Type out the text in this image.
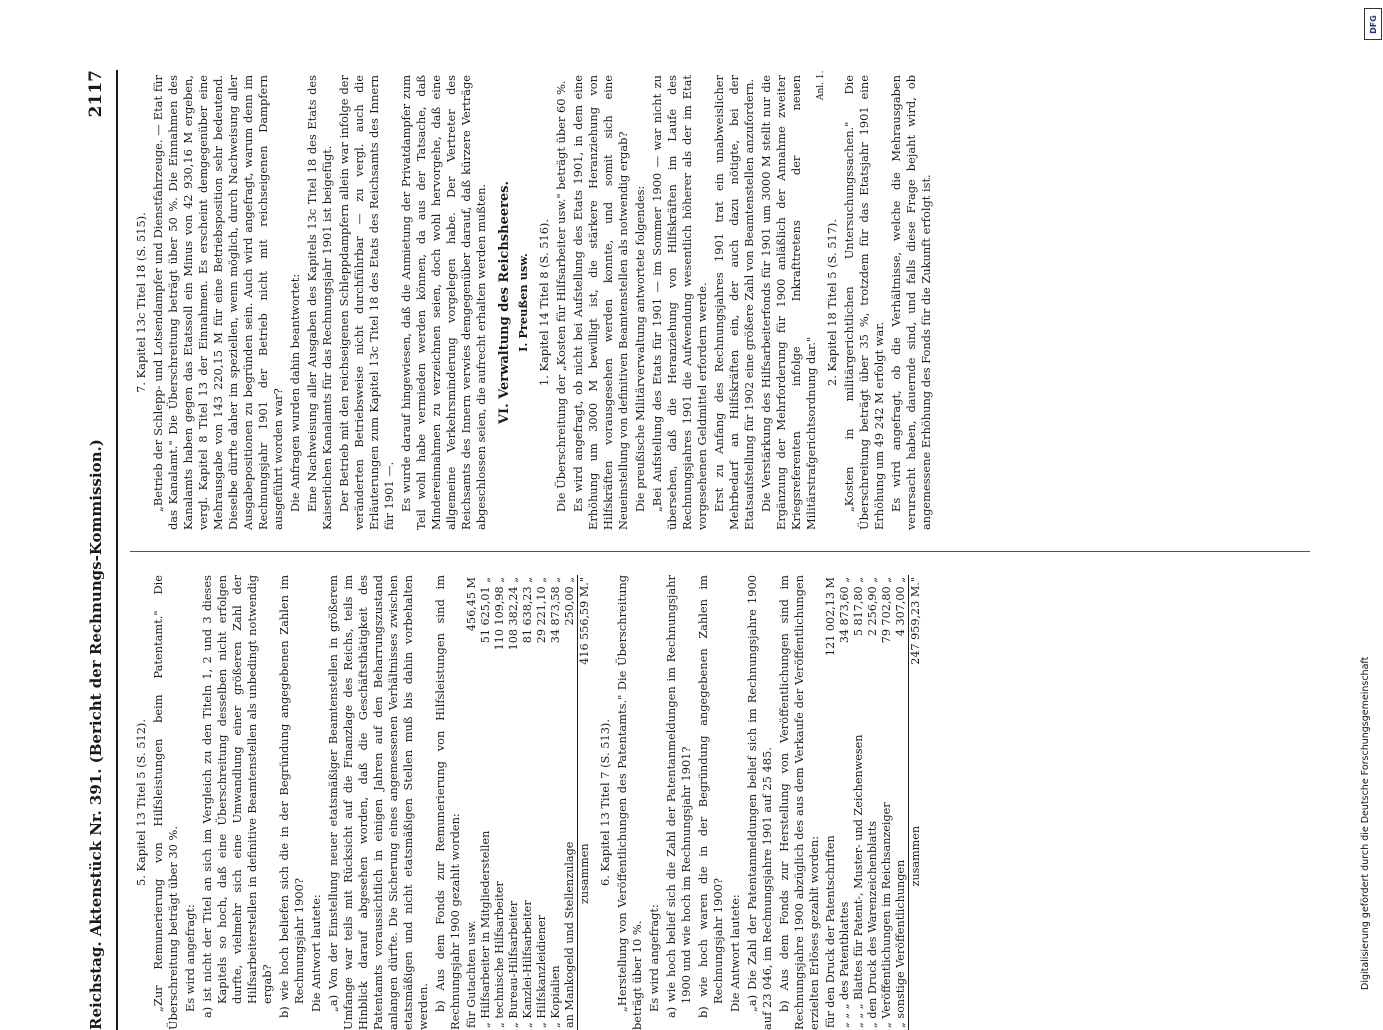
Reichstag. Aktenstück Nr. 391. (Bericht der Rechnungs-Kommission.)
2117

5. Kapitel 13 Titel 5 (S. 512). „Zur Remunerierung von Hilfsleistungen beim Patentamt." Die Überschreitung beträgt über 30 %. Es wird angefragt: a) ist nicht der Titel an sich im Vergleich zu den Titeln 1, 2 und 3 dieses Kapitels so hoch, daß eine Überschreitung desselben nicht erfolgen durfte, vielmehr sich eine Umwandlung einer größeren Zahl der Hilfsarbeiterstellen in definitive Beamtenstellen als unbedingt notwendig ergab? b) wie hoch beliefen sich die in der Begründung angegebenen Zahlen im Rechnungsjahr 1900? Die Antwort lautete: „a) Von der Einstellung neuer etatsmäßiger Beamtenstellen in größerem Umfange war teils mit Rücksicht auf die Finanzlage des Reichs, teils im Hinblick darauf abgesehen worden, daß die Geschäftsthätigkeit des Patentamts voraussichtlich in einigen Jahren auf den Beharrungszustand anlangen dürfte. Die Sicherung eines angemessenen Verhältnisses zwischen etatsmäßigen und nicht etatsmäßigen Stellen muß bis dahin vorbehalten werden. b) Aus dem Fonds zur Remunerierung von Hilfsleistungen sind im Rechnungsjahr 1900 gezahlt worden: für Gutachten usw.	456,45 M
„ Hilfsarbeiter in Mitgliederstellen	51 625,01 „
„ technische Hilfsarbeiter	110 109,98 „
„ Bureau-Hilfsarbeiter	108 382,24 „
„ Kanzlei-Hilfsarbeiter	81 638,23 „
„ Hilfskanzleidiener	29 221,10 „
„ Kopialien	34 873,58 „
an Mankogeld und Stellenzulage	250,00 „
zusammen	416 556,59 M."

6. Kapitel 13 Titel 7 (S. 513). „Herstellung von Veröffentlichungen des Patentamts." Die Überschreitung beträgt über 10 %. Es wird angefragt: a) wie hoch belief sich die Zahl der Patentanmeldungen im Rechnungsjahr 1900 und wie hoch im Rechnungsjahr 1901? b) wie hoch waren die in der Begründung angegebenen Zahlen im Rechnungsjahr 1900? Die Antwort lautete: „a) Die Zahl der Patentanmeldungen belief sich im Rechnungsjahre 1900 auf 23 046, im Rechnungsjahre 1901 auf 25 485. b) Aus dem Fonds zur Herstellung von Veröffentlichungen sind im Rechnungsjahre 1900 abzüglich des aus dem Verkaufe der Veröffentlichungen erzielten Erlöses gezahlt worden: für den Druck der Patentschriften	121 002,13 M
„ „ „ des Patentblattes	34 873,60 „
„ „ „ Blattes für Patent-, Muster- und Zeichenwesen	5 817,80 „
„ den Druck des Warenzeichenblatts	2 256,90 „
„ Veröffentlichungen im Reichsanzeiger	79 702,80 „
„ sonstige Veröffentlichungen	4 307,00 „
zusammen	247 959,23 M."

7. Kapitel 13c Titel 18 (S. 515). „Betrieb der Schlepp- und Lotsendampfer und Dienstfahrzeuge. — Etat für das Kanalamt." Die Überschreitung beträgt über 50 %. Die Einnahmen des Kanalamts haben gegen das Etatssoll ein Minus von 42 930,16 M ergeben, vergl. Kapitel 8 Titel 13 der Einnahmen. Es erscheint demgegenüber eine Mehrausgabe von 143 220,15 M für eine Betriebsposition sehr bedeutend. Dieselbe dürfte daher im speziellen, wenn möglich, durch Nachweisung aller Ausgabepositionen zu begründen sein. Auch wird angefragt, warum denn im Rechnungsjahr 1901 der Betrieb nicht mit reichseigenen Dampfern ausgeführt worden war? Die Anfragen wurden dahin beantwortet: Eine Nachweisung aller Ausgaben des Kapitels 13c Titel 18 des Etats des Kaiserlichen Kanalamts für das Rechnungsjahr 1901 ist beigefügt. Der Betrieb mit den reichseigenen Schleppdampfern allein war infolge der veränderten Betriebsweise nicht durchführbar — zu vergl. auch die Erläuterungen zum Kapitel 13c Titel 18 des Etats des Reichsamts des Innern für 1901 —. Es wurde darauf hingewiesen, daß die Anmietung der Privatdampfer zum Teil wohl habe vermieden werden können, da aus der Tatsache, daß Mindereinnahmen zu verzeichnen seien, doch wohl hervorgehe, daß eine allgemeine Verkehrsminderung vorgelegen habe. Der Vertreter des Reichsamts des Innern verwies demgegenüber darauf, daß kürzere Verträge abgeschlossen seien, die aufrecht erhalten werden mußten. VI. Verwaltung des Reichsheeres. I. Preußen usw. 1. Kapitel 14 Titel 8 (S. 516). Die Überschreitung der „Kosten für Hilfsarbeiter usw." beträgt über 60 %. Es wird angefragt, ob nicht bei Aufstellung des Etats 1901, in dem eine Erhöhung um 3000 M bewilligt ist, die stärkere Heranziehung von Hilfskräften vorausgesehen werden konnte, und somit sich eine Neueinstellung von definitiven Beamtenstellen als notwendig ergab? Die preußische Militärverwaltung antwortete folgendes: „Bei Aufstellung des Etats für 1901 — im Sommer 1900 — war nicht zu übersehen, daß die Heranziehung von Hilfskräften im Laufe des Rechnungsjahres 1901 die Aufwendung wesentlich höherer als der im Etat vorgesehenen Geldmittel erfordern werde. Erst zu Anfang des Rechnungsjahres 1901 trat ein unabweislicher Mehrbedarf an Hilfskräften ein, der auch dazu nötigte, bei der Etatsaufstellung für 1902 eine größere Zahl von Beamtenstellen anzufordern. Die Verstärkung des Hilfsarbeiterfonds für 1901 um 3000 M stellt nur die Ergänzung der Mehrforderung für 1900 anläßlich der Annahme zweiter Kriegsreferenten infolge Inkrafttretens der neuen Militärstrafgerichtsordnung dar."

2. Kapitel 18 Titel 5 (S. 517). „Kosten in militärgerichtlichen Untersuchungssachen." Die Überschreitung beträgt über 35 %, trotzdem für das Etatsjahr 1901 eine Erhöhung um 49 242 M erfolgt war. Es wird angefragt, ob die Verhältnisse, welche die Mehrausgaben verursacht haben, dauernde sind, und falls diese Frage bejaht wird, ob angemessene Erhöhung des Fonds für die Zukunft erfolgt ist.

Anl. 1.
DFG
Digitalisierung gefördert durch die Deutsche Forschungsgemeinschaft
